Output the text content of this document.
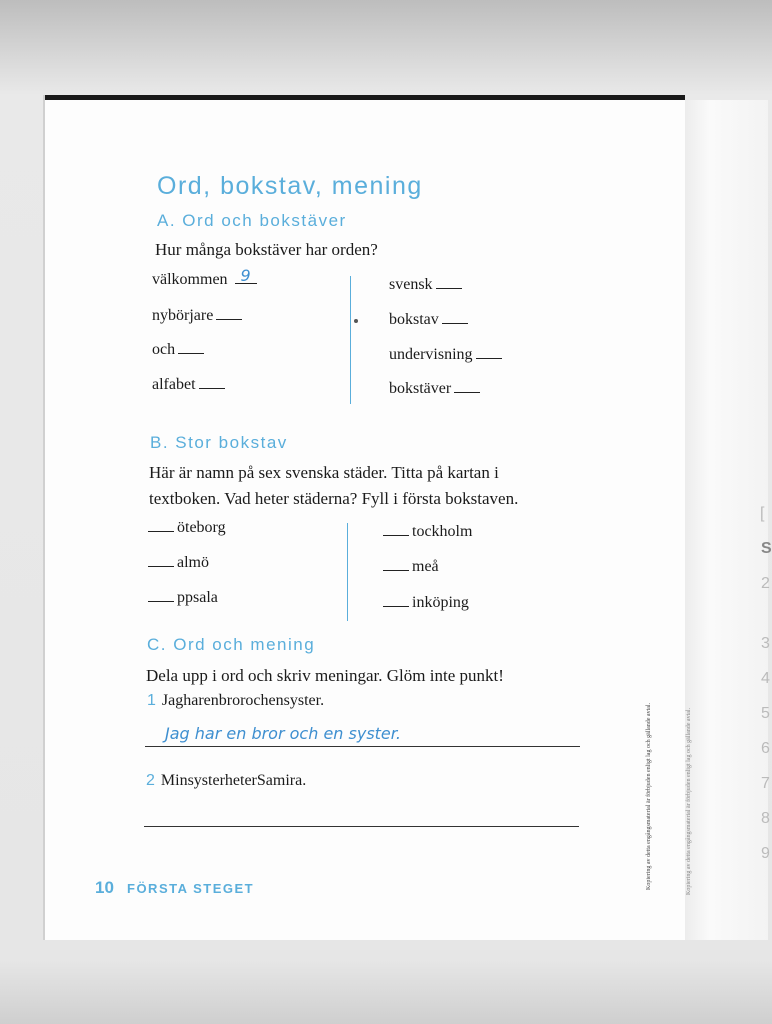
[
S
2
3
4
5
6
7
8
9
Ord, bokstav, mening
A. Ord och bokstäver
Hur många bokstäver har orden?
välkommen 9
nybörjare
och
alfabet
svensk
bokstav
undervisning
bokstäver
B. Stor bokstav
Här är namn på sex svenska städer. Titta på kartan i
textboken. Vad heter städerna? Fyll i första bokstaven.
öteborg
almö
ppsala
tockholm
meå
inköping
C. Ord och mening
Dela upp i ord och skriv meningar. Glöm inte punkt!
1 Jagharenbrorochensyster.
Jag har en bror och en syster.
2 MinsysterheterSamira.
10 FÖRSTA STEGET	Kopiering av detta engångsmaterial är förbjuden enligt lag och gällande avtal.	Kopiering av detta engångsmaterial är förbjuden enligt lag och gällande avtal.
